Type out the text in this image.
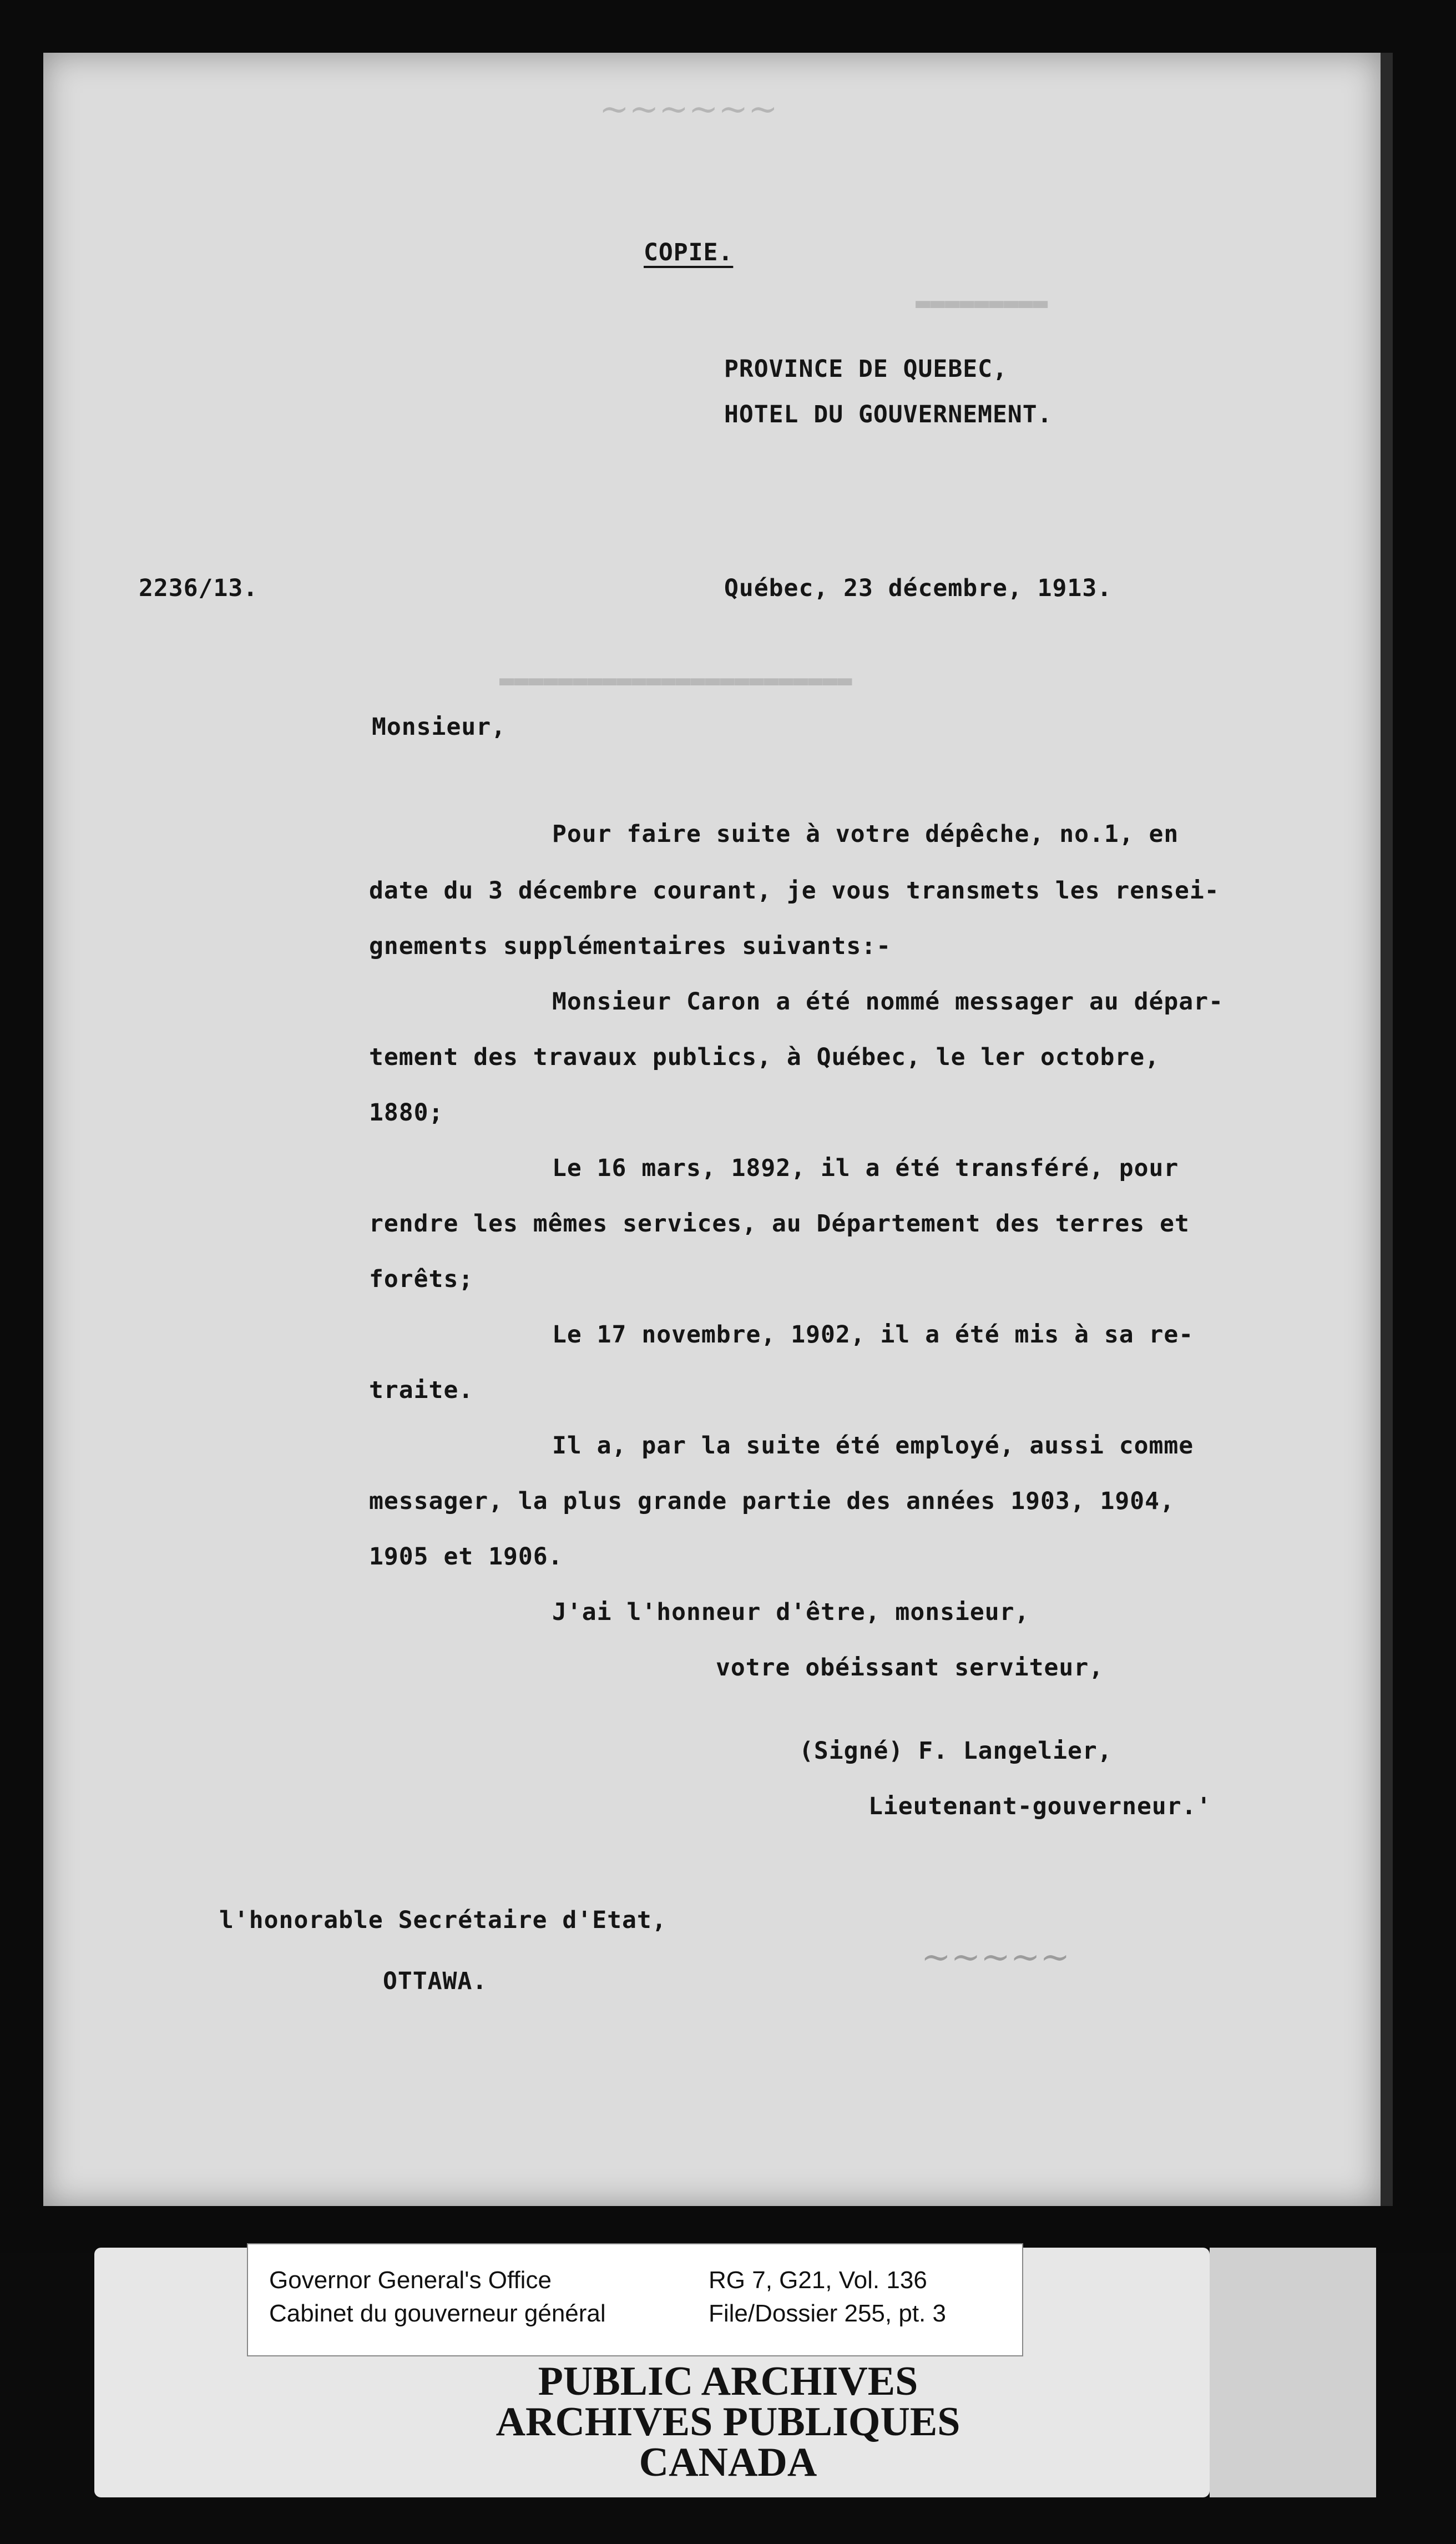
~~~~~~
▬▬▬▬▬▬▬▬▬
▬▬▬▬▬▬▬▬▬▬▬▬▬▬▬▬▬▬▬▬▬▬▬▬
COPIE.
PROVINCE DE QUEBEC,
HOTEL DU GOUVERNEMENT.
2236/13.	Québec, 23 décembre, 1913.
Monsieur,
Pour faire suite à votre dépêche, no.1, en
date du 3 décembre courant, je vous transmets les rensei-
gnements supplémentaires suivants:-
Monsieur Caron a été nommé messager au dépar-
tement des travaux publics, à Québec, le ler octobre,
1880;
Le 16 mars, 1892, il a été transféré, pour
rendre les mêmes services, au Département des terres et
forêts;
Le 17 novembre, 1902, il a été mis à sa re-
traite.
Il a, par la suite été employé, aussi comme
messager, la plus grande partie des années 1903, 1904,
1905 et 1906.
J'ai l'honneur d'être, monsieur,
votre obéissant serviteur,
(Signé) F. Langelier,
Lieutenant-gouverneur.'
l'honorable Secrétaire d'Etat,
OTTAWA.
∼∼∼∼∼
Governor General's Office
Cabinet du gouverneur général
RG 7, G21, Vol. 136
File/Dossier 255, pt. 3
PUBLIC ARCHIVES
ARCHIVES PUBLIQUES
CANADA
